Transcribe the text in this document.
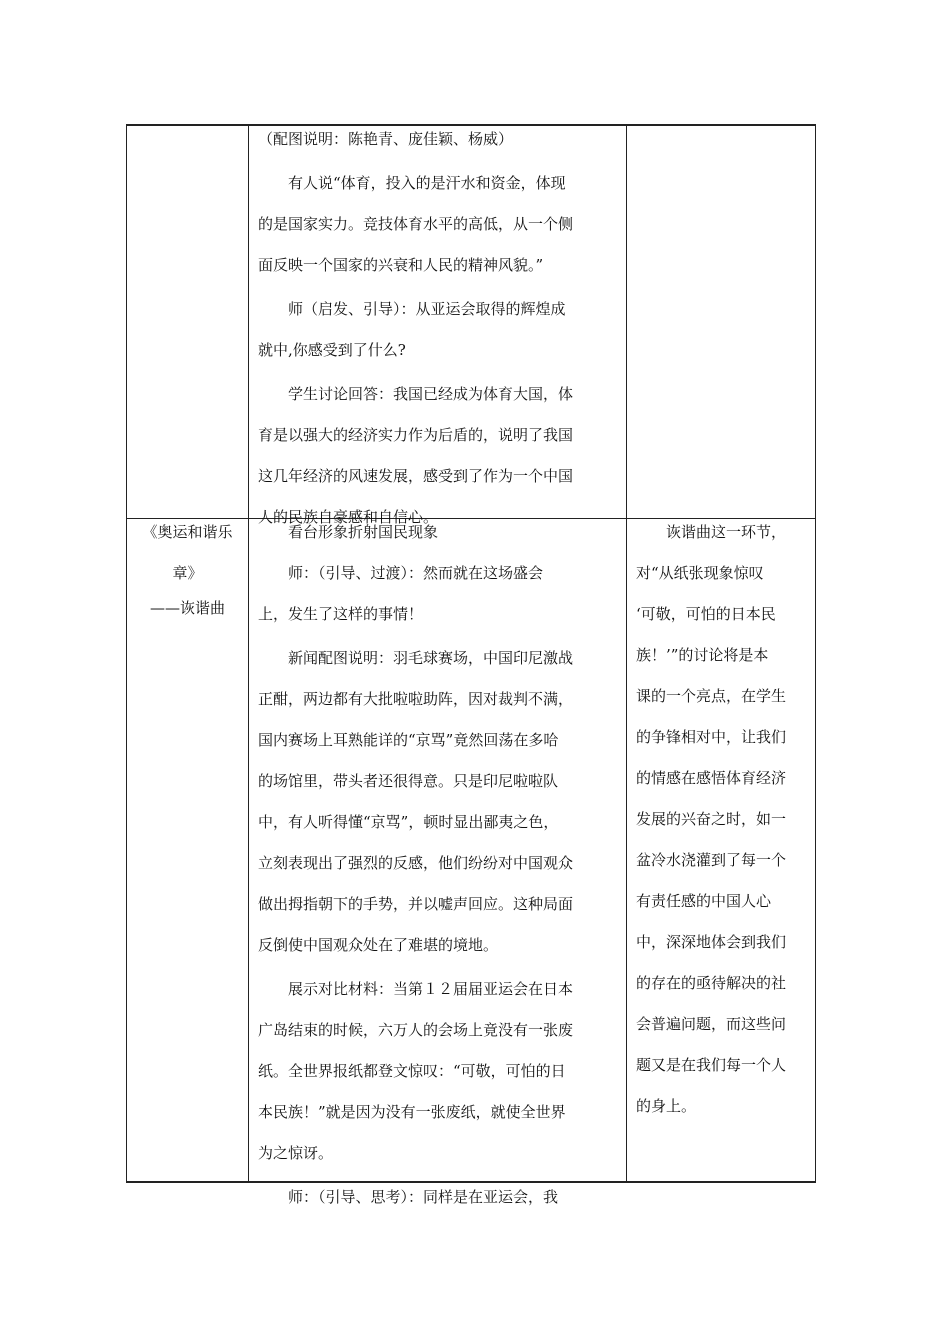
（配图说明：陈艳青、庞佳颖、杨威）

有人说“体育，投入的是汗水和资金，体现

的是国家实力。竞技体育水平的高低，从一个侧

面反映一个国家的兴衰和人民的精神风貌。”

师（启发、引导）：从亚运会取得的辉煌成

就中,你感受到了什么?

学生讨论回答：我国已经成为体育大国，体

育是以强大的经济实力作为后盾的，说明了我国

这几年经济的风速发展，感受到了作为一个中国

人的民族自豪感和自信心。

《奥运和谐乐

章》

——诙谐曲

看台形象折射国民现象

师：（引导、过渡）：然而就在这场盛会

上，发生了这样的事情！

新闻配图说明：羽毛球赛场，中国印尼激战

正酣，两边都有大批啦啦助阵，因对裁判不满，

国内赛场上耳熟能详的“京骂”竟然回荡在多哈

的场馆里，带头者还很得意。只是印尼啦啦队

中，有人听得懂“京骂”，顿时显出鄙夷之色，

立刻表现出了强烈的反感，他们纷纷对中国观众

做出拇指朝下的手势，并以嘘声回应。这种局面

反倒使中国观众处在了难堪的境地。

展示对比材料：当第１２届届亚运会在日本

广岛结束的时候，六万人的会场上竟没有一张废

纸。全世界报纸都登文惊叹：“可敬，可怕的日

本民族！”就是因为没有一张废纸，就使全世界

为之惊讶。

师：（引导、思考）：同样是在亚运会，我

诙谐曲这一环节，

对“从纸张现象惊叹

‘可敬，可怕的日本民

族！’”的讨论将是本

课的一个亮点，在学生

的争锋相对中，让我们

的情感在感悟体育经济

发展的兴奋之时，如一

盆冷水浇灌到了每一个

有责任感的中国人心

中，深深地体会到我们

的存在的亟待解决的社

会普遍问题，而这些问

题又是在我们每一个人

的身上。
